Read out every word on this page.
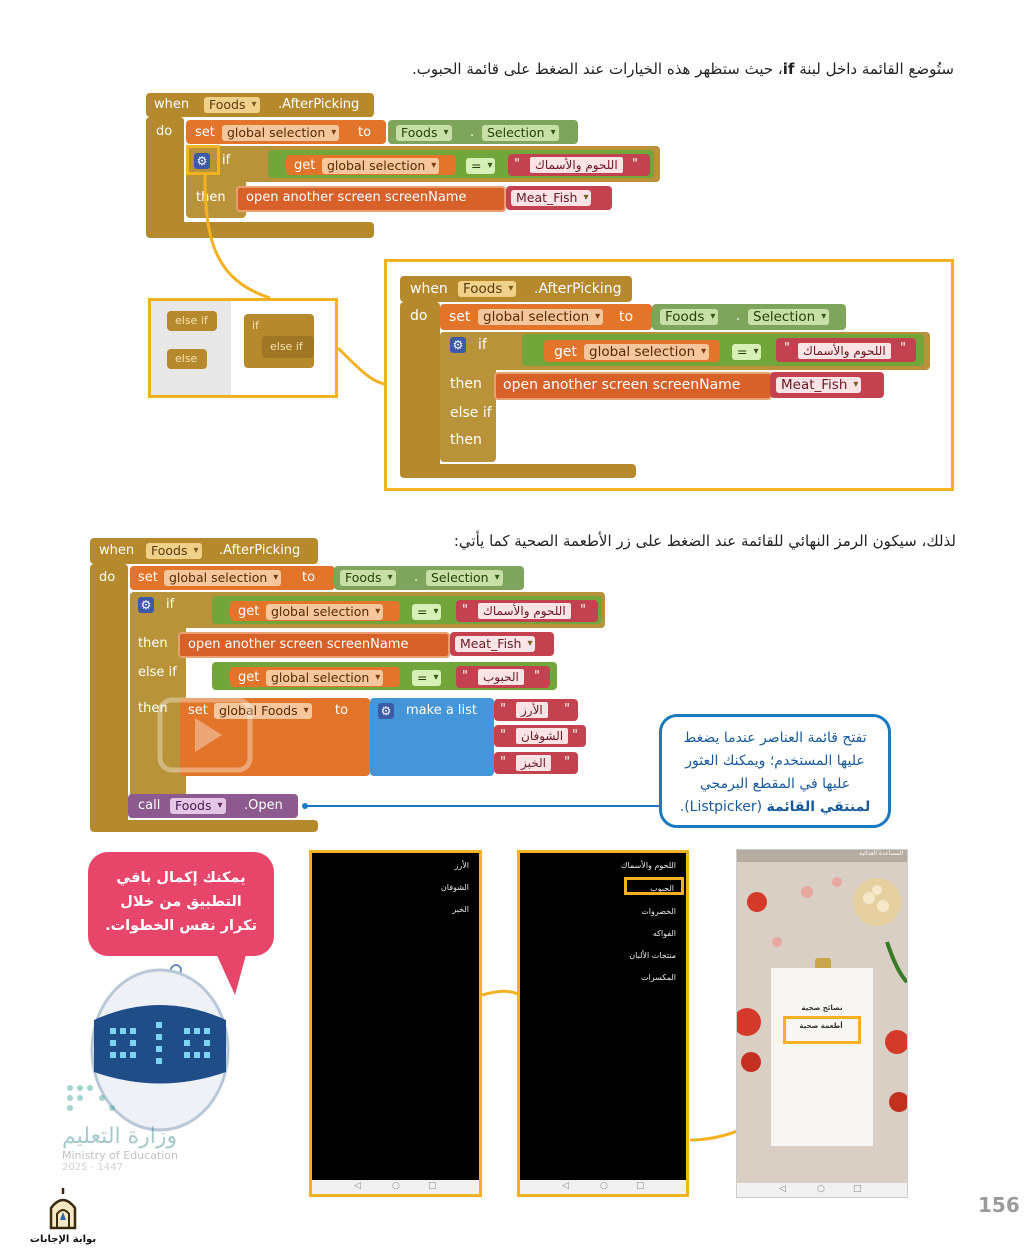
ستُوضع القائمة داخل لبنة if، حيث ستظهر هذه الخيارات عند الضغط على قائمة الحبوب.
when	Foods ▾	.AfterPicking
do set global selection ▾	to	Foods ▾	.	Selection ▾
⚙ if	get global selection ▾	= ▾	"	اللحوم والأسماك	"
then open another screen screenName	Meat_Fish ▾
else if
else
if
else if
when	Foods ▾	.AfterPicking
do set global selection ▾	to	Foods ▾	. Selection ▾
⚙ if	get global selection ▾	= ▾	"	اللحوم والأسماك	"
then open another screen screenName	Meat_Fish ▾
else if
then
لذلك، سيكون الرمز النهائي للقائمة عند الضغط على زر الأطعمة الصحية كما يأتي:
when	Foods ▾	.AfterPicking
do set global selection ▾	to	Foods ▾	.	Selection ▾
⚙ if	get global selection ▾	= ▾	"	اللحوم والأسماك	"
then open another screen screenName	Meat_Fish ▾
else if	get global selection ▾	= ▾	"	الحبوب	"
then set global Foods ▾	to	⚙ make a list "	الأرز	"
"	الشوفان "
"	الخبز	"
call	Foods ▾	.Open
تفتح قائمة العناصر عندما يضغط عليها المستخدم؛ ويمكنك العثور عليها في المقطع البرمجي لمنتقي القائمة (Listpicker).
يمكنك إكمال باقي التطبيق من خلال تكرار نفس الخطوات.
وزارة التعليم
Ministry of Education
2025 - 1447
بوابة الإجابات
الأرز
الشوفان
الخبز
◁	○	□
اللحوم والأسماك
الحبوب
الخضروات
الفواكه
منتجات الألبان
المكسرات
◁	○	□
المساعدة الغذائية
نصائح صحية
أطعمة صحية
◁	○	□
156
